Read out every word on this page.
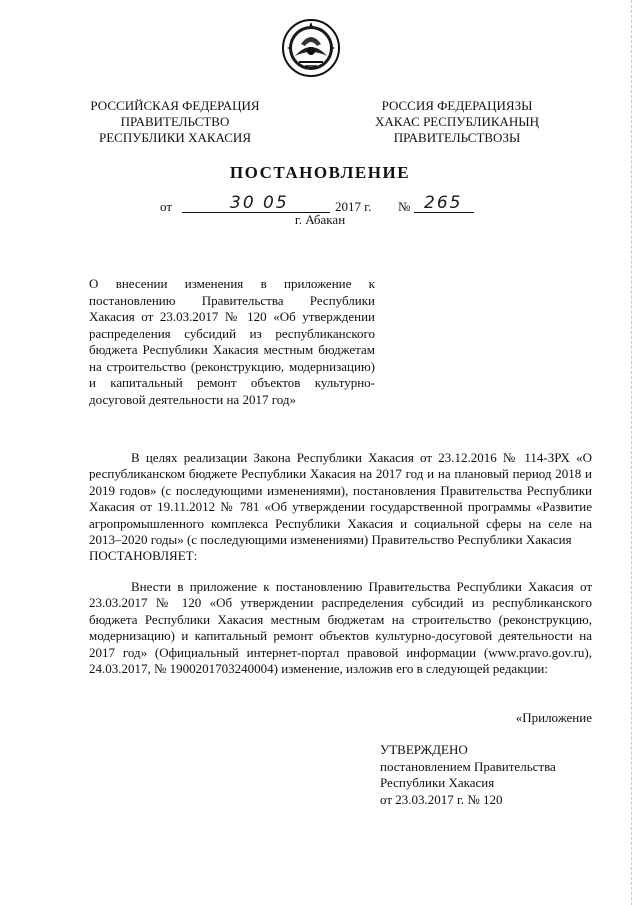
РОССИЙСКАЯ ФЕДЕРАЦИЯ
ПРАВИТЕЛЬСТВО
РЕСПУБЛИКИ ХАКАСИЯ
РОССИЯ ФЕДЕРАЦИЯЗЫ
ХАКАС РЕСПУБЛИКАНЫҢ
ПРАВИТЕЛЬСТВОЗЫ
ПОСТАНОВЛЕНИЕ
от	30 05	2017 г. № 265
г. Абакан
О внесении изменения в приложение к постановлению Правительства Республики Хакасия от 23.03.2017 № 120 «Об утверждении распределения субсидий из республиканского бюджета Республики Хакасия местным бюджетам на строительство (реконструкцию, модернизацию) и капитальный ремонт объектов культурно-досуговой деятельности на 2017 год»
В целях реализации Закона Республики Хакасия от 23.12.2016 № 114-ЗРХ «О республиканском бюджете Республики Хакасия на 2017 год и на плановый период 2018 и 2019 годов» (с последующими изменениями), постановления Правительства Республики Хакасия от 19.11.2012 № 781 «Об утверждении государственной программы «Развитие агропромышленного комплекса Республики Хакасия и социальной сферы на селе на 2013–2020 годы» (с последующими изменениями) Правительство Республики Хакасия
ПОСТАНОВЛЯЕТ:
Внести в приложение к постановлению Правительства Республики Хакасия от 23.03.2017 № 120 «Об утверждении распределения субсидий из республиканского бюджета Республики Хакасия местным бюджетам на строительство (реконструкцию, модернизацию) и капитальный ремонт объектов культурно-досуговой деятельности на 2017 год» (Официальный интернет-портал правовой информации (www.pravo.gov.ru), 24.03.2017, № 1900201703240004) изменение, изложив его в следующей редакции:
«Приложение
УТВЕРЖДЕНО
постановлением Правительства
Республики Хакасия
от 23.03.2017 г. № 120
